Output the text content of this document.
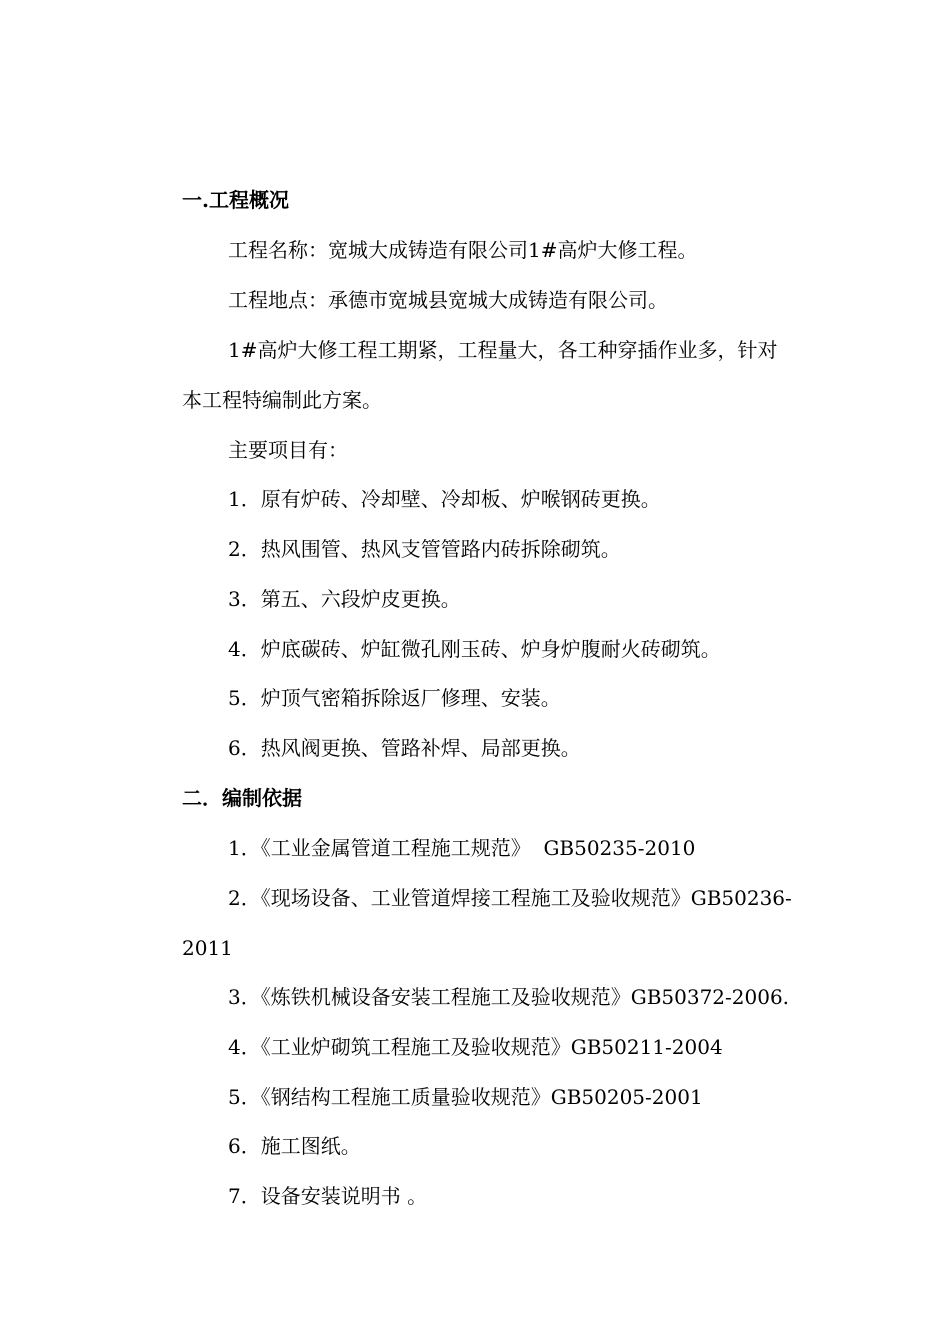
一.工程概况
工程名称：宽城大成铸造有限公司1#高炉大修工程。
工程地点：承德市宽城县宽城大成铸造有限公司。
1#高炉大修工程工期紧，工程量大，各工种穿插作业多，针对
本工程特编制此方案。
主要项目有：
1．原有炉砖、冷却壁、冷却板、炉喉钢砖更换。
2．热风围管、热风支管管路内砖拆除砌筑。
3．第五、六段炉皮更换。
4．炉底碳砖、炉缸微孔刚玉砖、炉身炉腹耐火砖砌筑。
5．炉顶气密箱拆除返厂修理、安装。
6．热风阀更换、管路补焊、局部更换。
二．编制依据
1．《工业金属管道工程施工规范》  GB50235-2010
2．《现场设备、工业管道焊接工程施工及验收规范》GB50236-
2011
3．《炼铁机械设备安装工程施工及验收规范》GB50372-2006.
4．《工业炉砌筑工程施工及验收规范》GB50211-2004
5．《钢结构工程施工质量验收规范》GB50205-2001
6．施工图纸。
7．设备安装说明书 。
